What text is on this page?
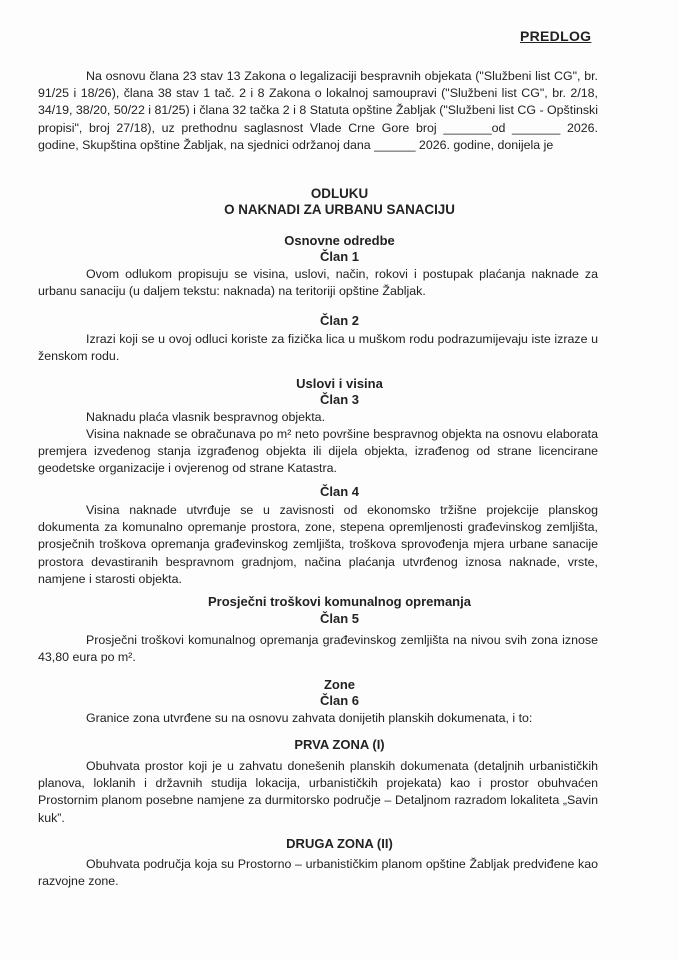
PREDLOG

Na osnovu člana 23 stav 13 Zakona o legalizaciji bespravnih objekata ("Službeni list CG", br. 91/25 i 18/26), člana 38 stav 1 tač. 2 i 8 Zakona o lokalnoj samoupravi ("Službeni list CG", br. 2/18, 34/19, 38/20, 50/22 i 81/25) i člana 32 tačka 2 i 8 Statuta opštine Žabljak ("Službeni list CG - Opštinski propisi", broj 27/18), uz prethodnu saglasnost Vlade Crne Gore broj _______od _______ 2026. godine, Skupština opštine Žabljak, na sjednici održanoj dana ______ 2026. godine, donijela je

ODLUKU
O NAKNADI ZA URBANU SANACIJU
Osnovne odredbe
Član 1

Ovom odlukom propisuju se visina, uslovi, način, rokovi i postupak plaćanja naknade za urbanu sanaciju (u daljem tekstu: naknada) na teritoriji opštine Žabljak.

Član 2

Izrazi koji se u ovoj odluci koriste za fizička lica u muškom rodu podrazumijevaju iste izraze u ženskom rodu.

Uslovi i visina
Član 3

Naknadu plaća vlasnik bespravnog objekta.

Visina naknade se obračunava po m² neto površine bespravnog objekta na osnovu elaborata premjera izvedenog stanja izgrađenog objekta ili dijela objekta, izrađenog od strane licencirane geodetske organizacije i ovjerenog od strane Katastra.

Član 4

Visina naknade utvrđuje se u zavisnosti od ekonomsko tržišne projekcije planskog dokumenta za komunalno opremanje prostora, zone, stepena opremljenosti građevinskog zemljišta, prosječnih troškova opremanja građevinskog zemljišta, troškova sprovođenja mjera urbane sanacije prostora devastiranih bespravnom gradnjom, načina plaćanja utvrđenog iznosa naknade, vrste, namjene i starosti objekta.

Prosječni troškovi komunalnog opremanja
Član 5

Prosječni troškovi komunalnog opremanja građevinskog zemljišta na nivou svih zona iznose 43,80 eura po m².

Zone
Član 6

Granice zona utvrđene su na osnovu zahvata donijetih planskih dokumenata, i to:

PRVA ZONA (I)

Obuhvata prostor koji je u zahvatu donešenih planskih dokumenata (detaljnih urbanističkih planova, loklanih i državnih studija lokacija, urbanističkih projekata) kao i prostor obuhvaćen Prostornim planom posebne namjene za durmitorsko područje – Detaljnom razradom lokaliteta „Savin kuk”.

DRUGA ZONA (II)

Obuhvata područja koja su Prostorno – urbanističkim planom opštine Žabljak predviđene kao razvojne zone.
